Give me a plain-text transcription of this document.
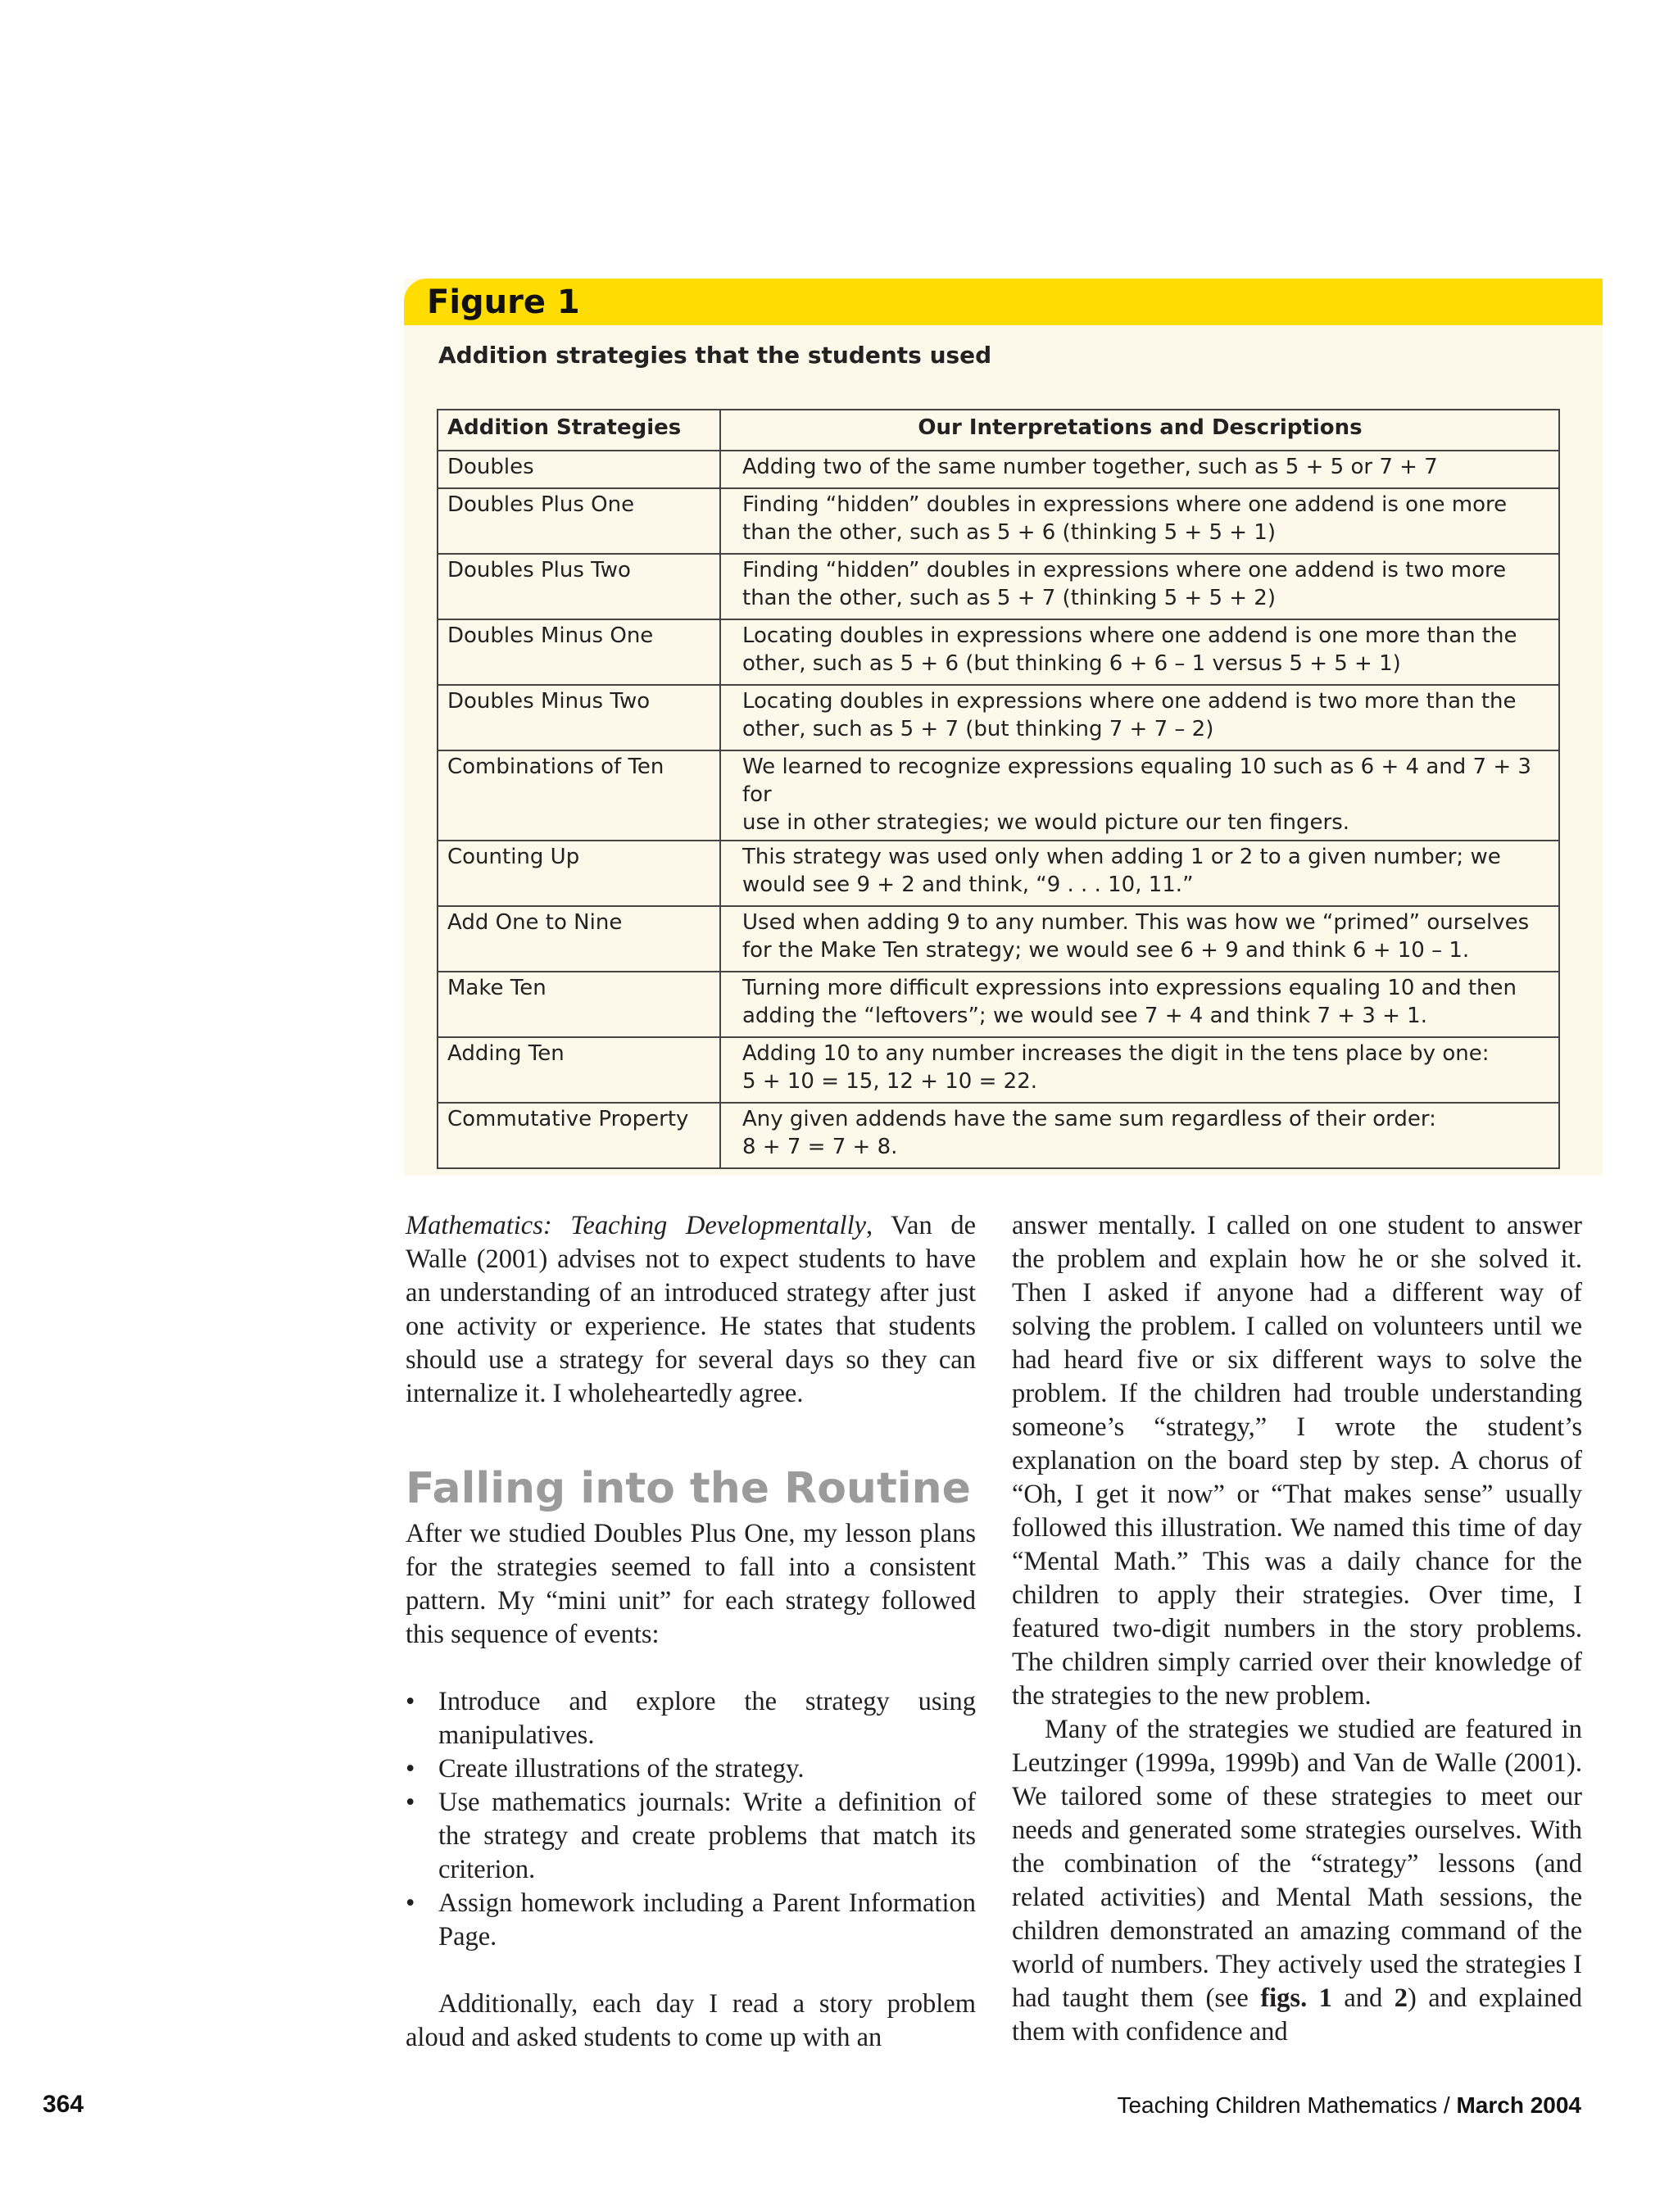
Figure 1
Addition strategies that the students used
Addition Strategies	Our Interpretations and Descriptions
Doubles	Adding two of the same number together, such as 5 + 5 or 7 + 7
Doubles Plus One	Finding “hidden” doubles in expressions where one addend is one more
than the other, such as 5 + 6 (thinking 5 + 5 + 1)
Doubles Plus Two	Finding “hidden” doubles in expressions where one addend is two more
than the other, such as 5 + 7 (thinking 5 + 5 + 2)
Doubles Minus One	Locating doubles in expressions where one addend is one more than the
other, such as 5 + 6 (but thinking 6 + 6 – 1 versus 5 + 5 + 1)
Doubles Minus Two	Locating doubles in expressions where one addend is two more than the
other, such as 5 + 7 (but thinking 7 + 7 – 2)
Combinations of Ten	We learned to recognize expressions equaling 10 such as 6 + 4 and 7 + 3 for
use in other strategies; we would picture our ten fingers.
Counting Up	This strategy was used only when adding 1 or 2 to a given number; we
would see 9 + 2 and think, “9 . . . 10, 11.”
Add One to Nine	Used when adding 9 to any number. This was how we “primed” ourselves
for the Make Ten strategy; we would see 6 + 9 and think 6 + 10 – 1.
Make Ten	Turning more difficult expressions into expressions equaling 10 and then
adding the “leftovers”; we would see 7 + 4 and think 7 + 3 + 1.
Adding Ten	Adding 10 to any number increases the digit in the tens place by one:
5 + 10 = 15, 12 + 10 = 22.
Commutative Property	Any given addends have the same sum regardless of their order:
8 + 7 = 7 + 8.

Mathematics: Teaching Developmentally, Van de Walle (2001) advises not to expect students to have an understanding of an introduced strategy after just one activity or experience. He states that students should use a strategy for several days so they can internalize it. I wholeheartedly agree.

Falling into the Routine

After we studied Doubles Plus One, my lesson plans for the strategies seemed to fall into a consistent pattern. My “mini unit” for each strategy followed this sequence of events:

• Introduce and explore the strategy using manipulatives.
• Create illustrations of the strategy.
• Use mathematics journals: Write a definition of the strategy and create problems that match its criterion.
• Assign homework including a Parent Information Page.

Additionally, each day I read a story problem aloud and asked students to come up with an

answer mentally. I called on one student to answer the problem and explain how he or she solved it. Then I asked if anyone had a different way of solving the problem. I called on volunteers until we had heard five or six different ways to solve the problem. If the children had trouble understanding someone’s “strategy,” I wrote the student’s explanation on the board step by step. A chorus of “Oh, I get it now” or “That makes sense” usually followed this illustration. We named this time of day “Mental Math.” This was a daily chance for the children to apply their strategies. Over time, I featured two-digit numbers in the story problems. The children simply carried over their knowledge of the strategies to the new problem.

Many of the strategies we studied are featured in Leutzinger (1999a, 1999b) and Van de Walle (2001). We tailored some of these strategies to meet our needs and generated some strategies ourselves. With the combination of the “strategy” lessons (and related activities) and Mental Math sessions, the children demonstrated an amazing command of the world of numbers. They actively used the strategies I had taught them (see figs. 1 and 2) and explained them with confidence and

364	Teaching Children Mathematics / March 2004
